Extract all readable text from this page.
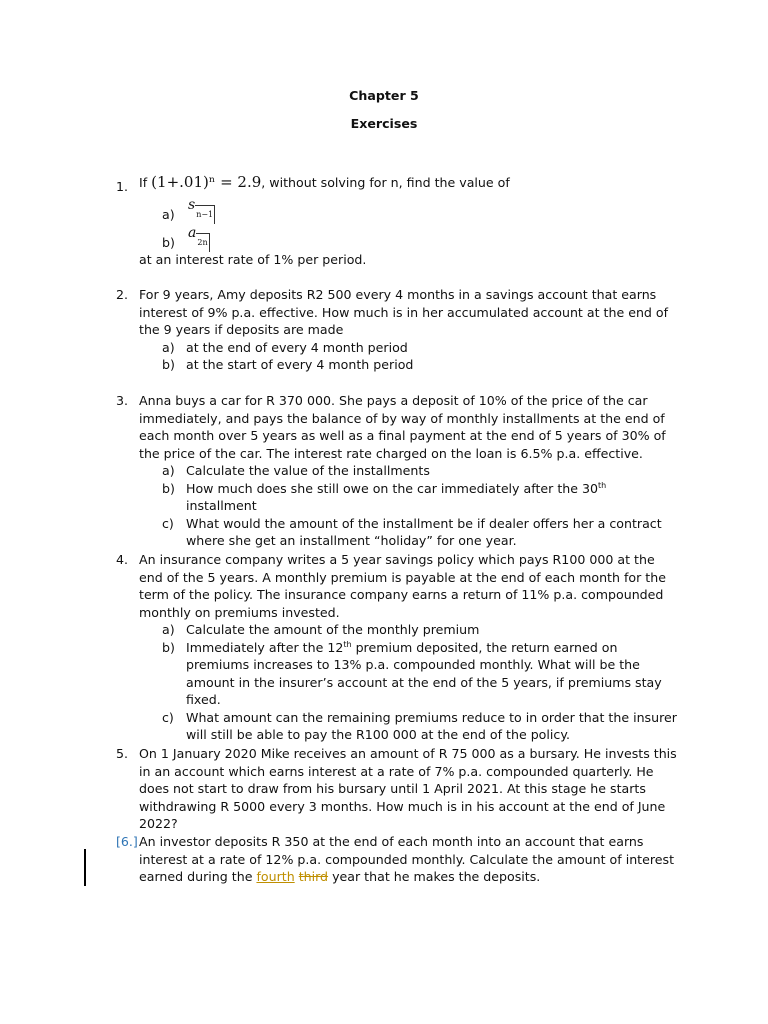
Chapter 5
Exercises
1. If (1+.01)ⁿ = 2.9, without solving for n, find the value of
a)
sn−1
b)
a2n
at an interest rate of 1% per period.
2. For 9 years, Amy deposits R2 500 every 4 months in a savings account that earns interest of 9% p.a. effective. How much is in her accumulated account at the end of the 9 years if deposits are made
a) at the end of every 4 month period
b) at the start of every 4 month period
3. Anna buys a car for R 370 000. She pays a deposit of 10% of the price of the car immediately, and pays the balance of by way of monthly installments at the end of each month over 5 years as well as a final payment at the end of 5 years of 30% of the price of the car. The interest rate charged on the loan is 6.5% p.a. effective.
a) Calculate the value of the installments
b) How much does she still owe on the car immediately after the 30th installment
c) What would the amount of the installment be if dealer offers her a contract where she get an installment “holiday” for one year.
4. An insurance company writes a 5 year savings policy which pays R100 000 at the end of the 5 years. A monthly premium is payable at the end of each month for the term of the policy. The insurance company earns a return of 11% p.a. compounded monthly on premiums invested.
a) Calculate the amount of the monthly premium
b) Immediately after the 12th premium deposited, the return earned on premiums increases to 13% p.a. compounded monthly. What will be the amount in the insurer’s account at the end of the 5 years, if premiums stay fixed.
c) What amount can the remaining premiums reduce to in order that the insurer will still be able to pay the R100 000 at the end of the policy.
5. On 1 January 2020 Mike receives an amount of R 75 000 as a bursary. He invests this in an account which earns interest at a rate of 7% p.a. compounded quarterly. He does not start to draw from his bursary until 1 April 2021. At this stage he starts withdrawing R 5000 every 3 months. How much is in his account at the end of June 2022?
[6.] An investor deposits R 350 at the end of each month into an account that earns interest at a rate of 12% p.a. compounded monthly. Calculate the amount of interest earned during the fourth third year that he makes the deposits.
